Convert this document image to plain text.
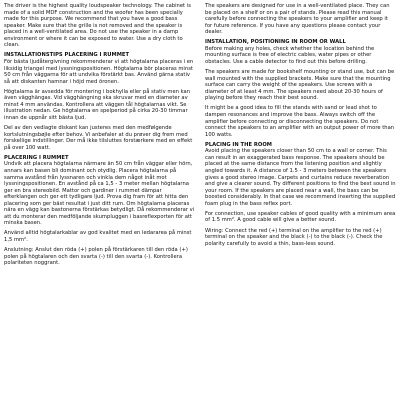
The driver is the highest quality loudspeaker technology. The cabinet is made of a solid MDF construction and the woofer has been specially made for this purpose. We recommend that you have a good bass speaker. Make sure that the grille is not removed and the speaker is placed in a well-ventilated area. Do not use the speaker in a damp environment or where it can be exposed to water. Use a dry cloth to clean.
INSTALLATIONSTIPS PLACERING I RUMMET
För bästa ljudåtergivning rekommenderar vi att högtalarna placeras i en liksidig triangel med lyssningspositionen. Högtalarna bör placeras minst 50 cm från väggarna för att undvika förstärkt bas. Använd gärna stativ så att diskanten hamnar i höjd med öronen.
Högtalarna är avsedda för montering i bokhylla eller på stativ men kan även vägghängas. Vid vägghängning ska skruvar med en diameter av minst 4 mm användas. Kontrollera att väggen tål högtalarnas vikt. Se illustration nedan. Ge högtalarna en spelperiod på cirka 20-30 timmar innan de uppnår sitt bästa ljud.
Del av den vedlagte diskant kan justeres med den medfølgende kortslutningsbøjle efter behov. Vi anbefaler at du prøver dig frem med forskellige indstillinger. Der må ikke tilsluttes forstærkere med en effekt på over 100 watt.
PLACERING I RUMMET
Undvik att placera högtalarna närmare än 50 cm från väggar eller hörn, annars kan basen bli dominant och otydlig. Placera högtalarna på samma avstånd från lyssnaren och vinkla dem något inåt mot lyssningspositionen. En avstånd på ca 1,5 - 3 meter mellan högtalarna ger en bra stereobild. Mattor och gardiner i rummet dämpar efterklangen och ger ett tydligare ljud. Prova dig fram för att hitta den placering som ger bäst resultat i just ditt rum. Om högtalarna placeras nära en vägg kan bastonerna förstärkas betydligt. Då rekommenderar vi att du monterar den medföljande skumpluggen i basreflexporten för att minska basen.
Använd alltid högtalarkablar av god kvalitet med en ledararea på minst 1,5 mm².
Anslutning: Anslut den röda (+) polen på förstärkaren till den röda (+) polen på högtalaren och den svarta (-) till den svarta (-). Kontrollera polariteten noggrant.
The speakers are designed for use in a well-ventilated place. They can be placed on a shelf or on a pair of stands. Please read this manual carefully before connecting the speakers to your amplifier and keep it for future reference. If you have any questions please contact your dealer.
INSTALLATION, POSITIONING IN ROOM OR WALL
Before making any holes, check whether the location behind the mounting surface is free of electric cables, water pipes or other obstacles. Use a cable detector to find out this before drilling.
The speakers are made for bookshelf mounting or stand use, but can be wall mounted with the supplied brackets. Make sure that the mounting surface can carry the weight of the speakers. Use screws with a diameter of at least 4 mm. The speakers need about 20-30 hours of playing before they reach their best sound.
It might be a good idea to fill the stands with sand or lead shot to dampen resonances and improve the bass. Always switch off the amplifier before connecting or disconnecting the speakers. Do not connect the speakers to an amplifier with an output power of more than 100 watts.
PLACING IN THE ROOM
Avoid placing the speakers closer than 50 cm to a wall or corner. This can result in an exaggerated bass response. The speakers should be placed at the same distance from the listening position and slightly angled towards it. A distance of 1.5 - 3 meters between the speakers gives a good stereo image. Carpets and curtains reduce reverberation and give a clearer sound. Try different positions to find the best sound in your room. If the speakers are placed near a wall, the bass can be boosted considerably. In that case we recommend inserting the supplied foam plug in the bass reflex port.
For connection, use speaker cables of good quality with a minimum area of 1.5 mm². A good cable will give a better sound.
Wiring: Connect the red (+) terminal on the amplifier to the red (+) terminal on the speaker and the black (-) to the black (-). Check the polarity carefully to avoid a thin, bass-less sound.
